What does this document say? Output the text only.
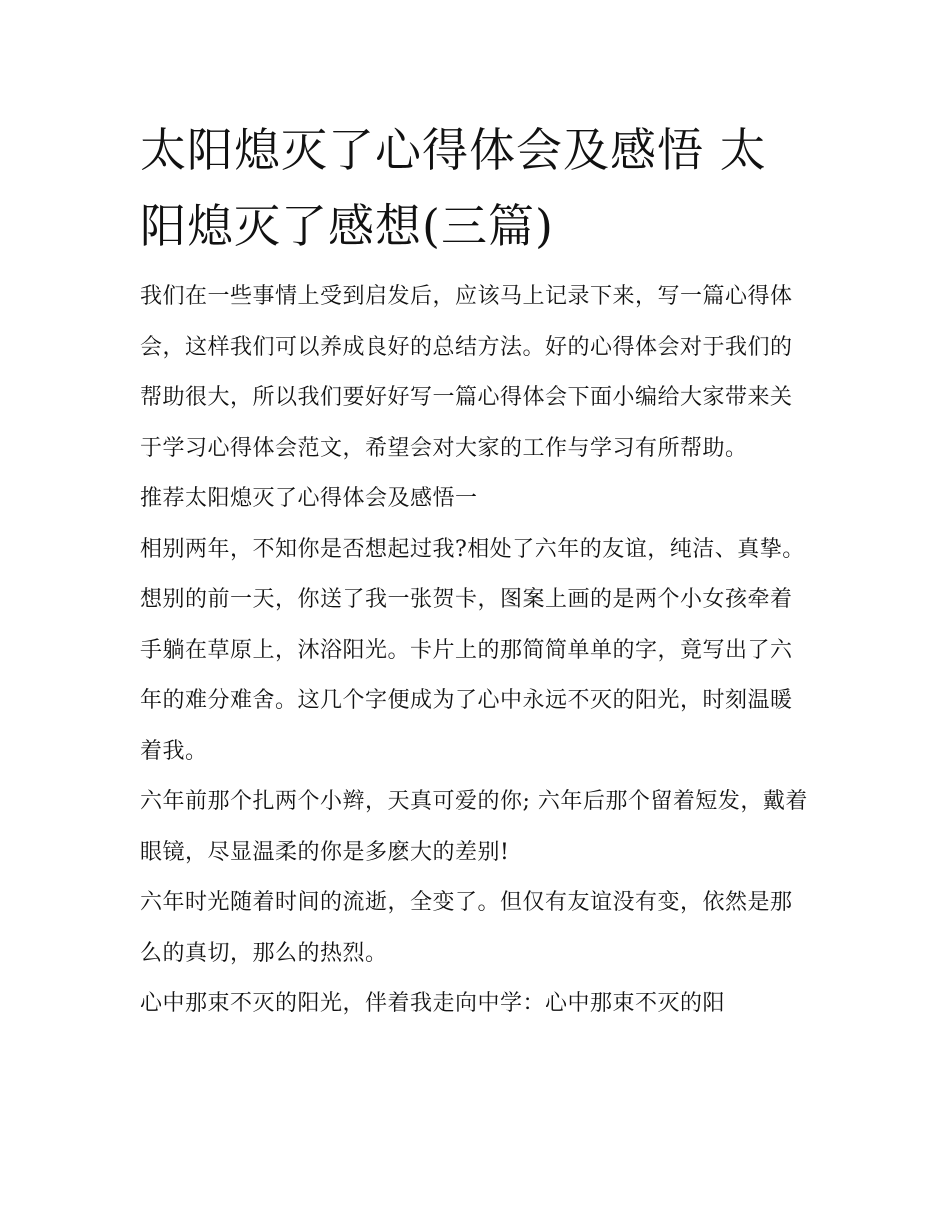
太阳熄灭了心得体会及感悟 太阳熄灭了感想(三篇)

我们在一些事情上受到启发后，应该马上记录下来，写一篇心得体会，这样我们可以养成良好的总结方法。好的心得体会对于我们的帮助很大，所以我们要好好写一篇心得体会下面小编给大家带来关于学习心得体会范文，希望会对大家的工作与学习有所帮助。

推荐太阳熄灭了心得体会及感悟一

相别两年，不知你是否想起过我?相处了六年的友谊，纯洁、真挚。想别的前一天，你送了我一张贺卡，图案上画的是两个小女孩牵着手躺在草原上，沐浴阳光。卡片上的那简简单单的字，竟写出了六年的难分难舍。这几个字便成为了心中永远不灭的阳光，时刻温暖着我。

六年前那个扎两个小辫，天真可爱的你; 六年后那个留着短发，戴着眼镜，尽显温柔的你是多麽大的差别!

六年时光随着时间的流逝，全变了。但仅有友谊没有变，依然是那么的真切，那么的热烈。

心中那束不灭的阳光，伴着我走向中学：心中那束不灭的阳
